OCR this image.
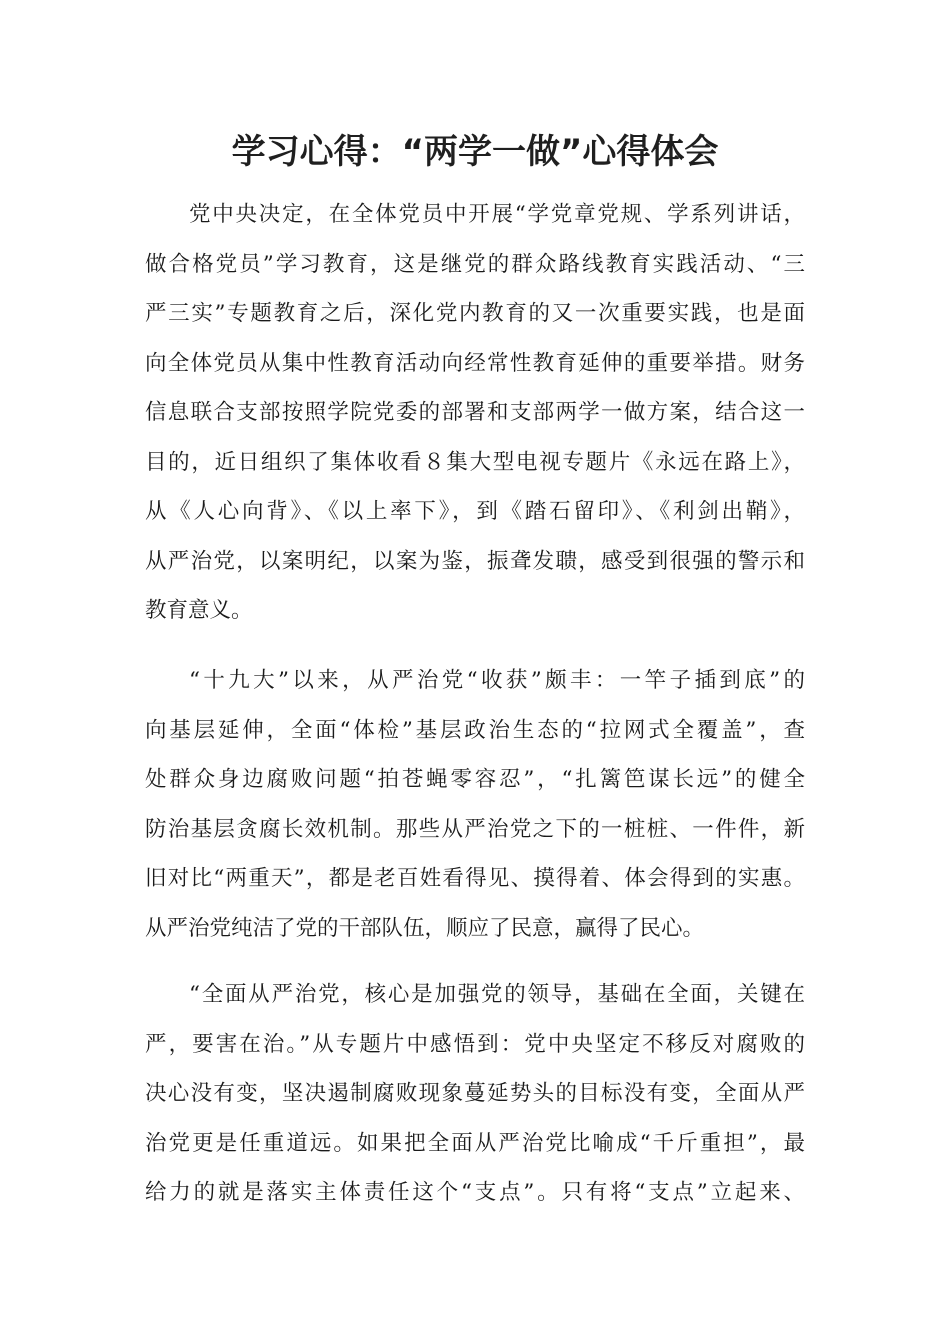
学习心得：“两学一做”心得体会
党中央决定，在全体党员中开展“学党章党规、学系列讲话，
做合格党员”学习教育，这是继党的群众路线教育实践活动、“三
严三实”专题教育之后，深化党内教育的又一次重要实践，也是面
向全体党员从集中性教育活动向经常性教育延伸的重要举措。财务
信息联合支部按照学院党委的部署和支部两学一做方案，结合这一
目的，近日组织了集体收看８集大型电视专题片《永远在路上》，
从《人心向背》、《以上率下》，到《踏石留印》、《利剑出鞘》，
从严治党，以案明纪，以案为鉴，振聋发聩，感受到很强的警示和
教育意义。
“十九大”以来，从严治党“收获”颇丰：一竿子插到底”的
向基层延伸，全面“体检”基层政治生态的“拉网式全覆盖”，查
处群众身边腐败问题“拍苍蝇零容忍”，“扎篱笆谋长远”的健全
防治基层贪腐长效机制。那些从严治党之下的一桩桩、一件件，新
旧对比“两重天”，都是老百姓看得见、摸得着、体会得到的实惠。
从严治党纯洁了党的干部队伍，顺应了民意，赢得了民心。
“全面从严治党，核心是加强党的领导，基础在全面，关键在
严，要害在治。”从专题片中感悟到：党中央坚定不移反对腐败的
决心没有变，坚决遏制腐败现象蔓延势头的目标没有变，全面从严
治党更是任重道远。如果把全面从严治党比喻成“千斤重担”，最
给力的就是落实主体责任这个“支点”。只有将“支点”立起来、
